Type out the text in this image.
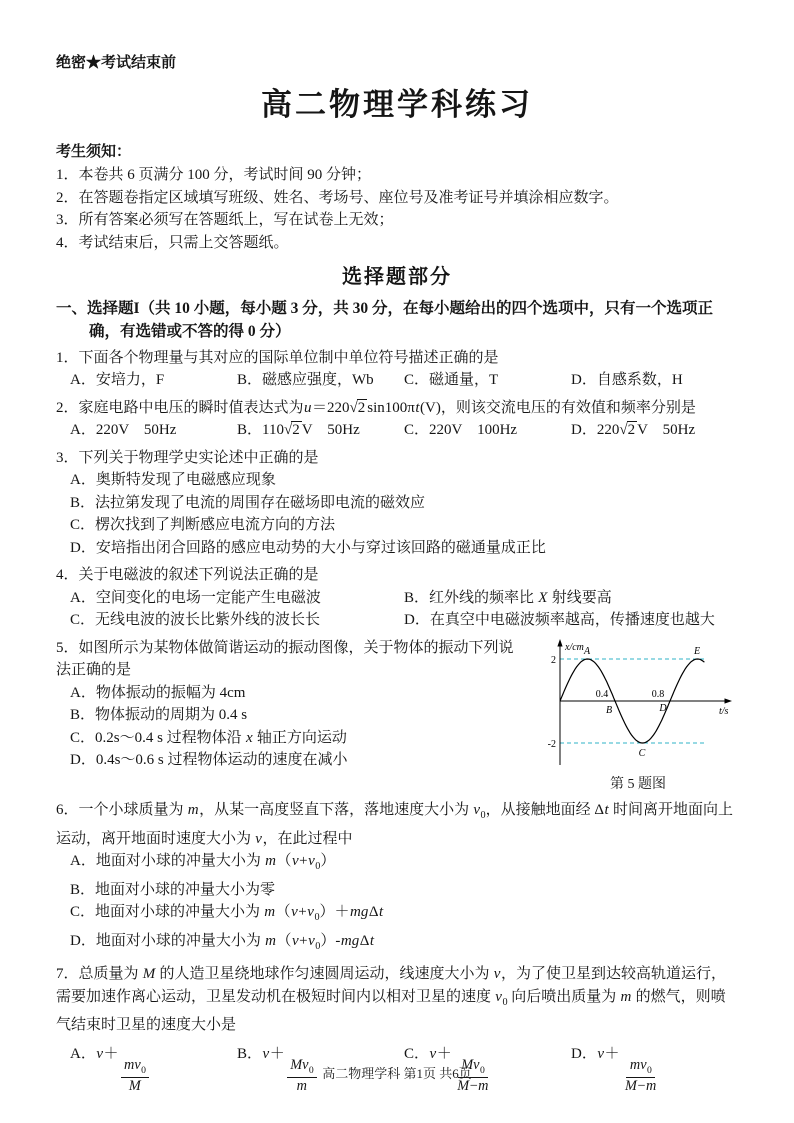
绝密★考试结束前
高二物理学科练习
考生须知：
1．本卷共 6 页满分 100 分，考试时间 90 分钟；
2．在答题卷指定区域填写班级、姓名、考场号、座位号及准考证号并填涂相应数字。
3．所有答案必须写在答题纸上，写在试卷上无效；
4．考试结束后，只需上交答题纸。
选择题部分
一、选择题I（共 10 小题，每小题 3 分，共 30 分，在每小题给出的四个选项中，只有一个选项正确，有选错或不答的得 0 分）
1．下面各个物理量与其对应的国际单位制中单位符号描述正确的是
A．安培力，F	B．磁感应强度，Wb	C．磁通量，T	D．自感系数，H
2．家庭电路中电压的瞬时值表达式为u＝220√2 sin100πt(V)，则该交流电压的有效值和频率分别是
A．220V　50Hz	B．110√2 V　50Hz	C．220V　100Hz	D．220√2 V　50Hz
3．下列关于物理学史实论述中正确的是
A．奥斯特发现了电磁感应现象
B．法拉第发现了电流的周围存在磁场即电流的磁效应
C．楞次找到了判断感应电流方向的方法
D．安培指出闭合回路的感应电动势的大小与穿过该回路的磁通量成正比
4．关于电磁波的叙述下列说法正确的是
A．空间变化的电场一定能产生电磁波	B．红外线的频率比 X 射线要高
C．无线电波的波长比紫外线的波长长	D．在真空中电磁波频率越高，传播速度也越大
x/cm
t/s
2
-2
0.4	0.8
A
B
C
D
E
第 5 题图
5．如图所示为某物体做简谐运动的振动图像，关于物体的振动下列说法正确的是
A．物体振动的振幅为 4cm
B．物体振动的周期为 0.4 s
C．0.2s～0.4 s 过程物体沿 x 轴正方向运动
D．0.4s～0.6 s 过程物体运动的速度在减小
6．一个小球质量为 m，从某一高度竖直下落，落地速度大小为 $v_0$，从接触地面经 Δt 时间离开地面向上运动，离开地面时速度大小为 v，在此过程中
A．地面对小球的冲量大小为 $m(v+v_0)$
B．地面对小球的冲量大小为零
C．地面对小球的冲量大小为 $m(v+v_0)+mg\Delta t$
D．地面对小球的冲量大小为 $m(v+v_0)$-mgΔt
7．总质量为 M 的人造卫星绕地球作匀速圆周运动，线速度大小为 v，为了使卫星到达较高轨道运行，需要加速作离心运动，卫星发动机在极短时间内以相对卫星的速度 $v_0$ 向后喷出质量为 m 的燃气，则喷气结束时卫星的速度大小是
A．v＋
$\frac{mv_0}{M}$
B．v＋
$\frac{Mv_0}{m}$
C．v＋
$\frac{Mv_0}{M-m}$
D．v＋
$\frac{mv_0}{M-m}$
高二物理学科 第1页 共6页
